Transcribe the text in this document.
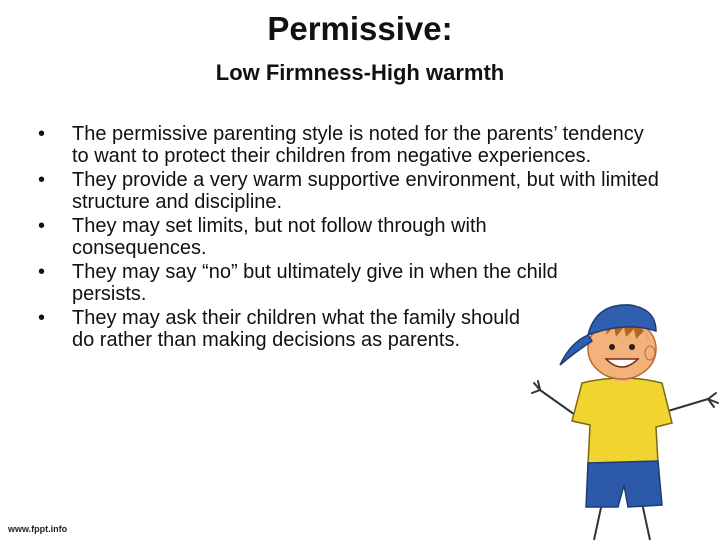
Permissive:
Low Firmness-High warmth
• The permissive parenting style is noted for the parents’ tendency to want to protect their children from negative experiences.
• They provide a very warm supportive environment, but with limited structure and discipline.
• They may set limits, but not follow through with consequences.
• They may say “no” but ultimately give in when the child persists.
• They may ask their children what the family should do rather than making decisions as parents.
www.fppt.info
